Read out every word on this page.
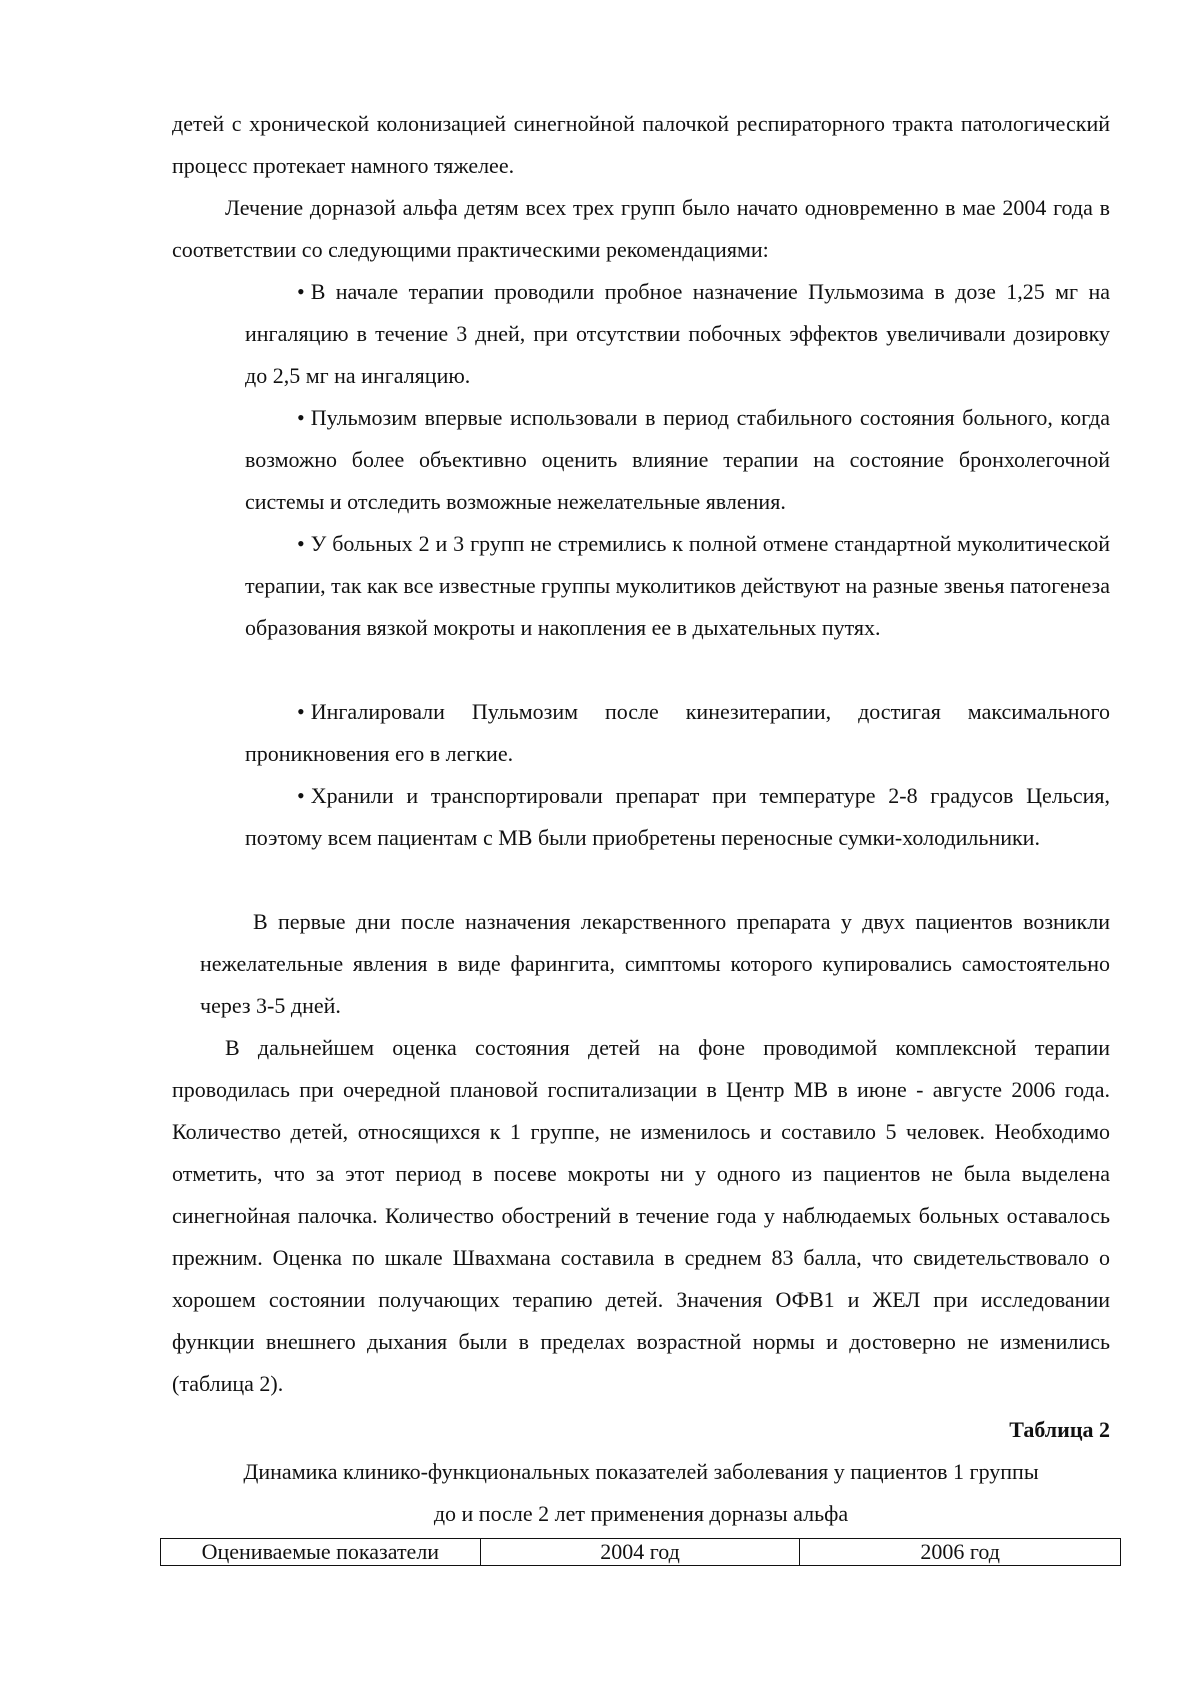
детей с хронической колонизацией синегнойной палочкой респираторного тракта патологический процесс протекает намного тяжелее.

Лечение дорназой альфа детям всех трех групп было начато одновременно в мае 2004 года в соответствии со следующими практическими рекомендациями:

• В начале терапии проводили пробное назначение Пульмозима в дозе 1,25 мг на ингаляцию в течение 3 дней, при отсутствии побочных эффектов увеличивали дозировку до 2,5 мг на ингаляцию.
• Пульмозим впервые использовали в период стабильного состояния больного, когда возможно более объективно оценить влияние терапии на состояние бронхолегочной системы и отследить возможные нежелательные явления.
• У больных 2 и 3 групп не стремились к полной отмене стандартной муколитической терапии, так как все известные группы муколитиков действуют на разные звенья патогенеза образования вязкой мокроты и накопления ее в дыхательных путях.
• Ингалировали Пульмозим после кинезитерапии, достигая максимального проникновения его в легкие.
• Хранили и транспортировали препарат при температуре 2-8 градусов Цельсия, поэтому всем пациентам с МВ были приобретены переносные сумки-холодильники.

В первые дни после назначения лекарственного препарата у двух пациентов возникли нежелательные явления в виде фарингита, симптомы которого купировались самостоятельно через 3-5 дней.

В дальнейшем оценка состояния детей на фоне проводимой комплексной терапии проводилась при очередной плановой госпитализации в Центр МВ в июне - августе 2006 года. Количество детей, относящихся к 1 группе, не изменилось и составило 5 человек. Необходимо отметить, что за этот период в посеве мокроты ни у одного из пациентов не была выделена синегнойная палочка. Количество обострений в течение года у наблюдаемых больных оставалось прежним. Оценка по шкале Швахмана составила в среднем 83 балла, что свидетельствовало о хорошем состоянии получающих терапию детей. Значения ОФВ1 и ЖЕЛ при исследовании функции внешнего дыхания были в пределах возрастной нормы и достоверно не изменились (таблица 2).

Таблица 2
Динамика клинико-функциональных показателей заболевания у пациентов 1 группы
до и после 2 лет применения дорназы альфа
Оцениваемые показатели	2004 год	2006 год
